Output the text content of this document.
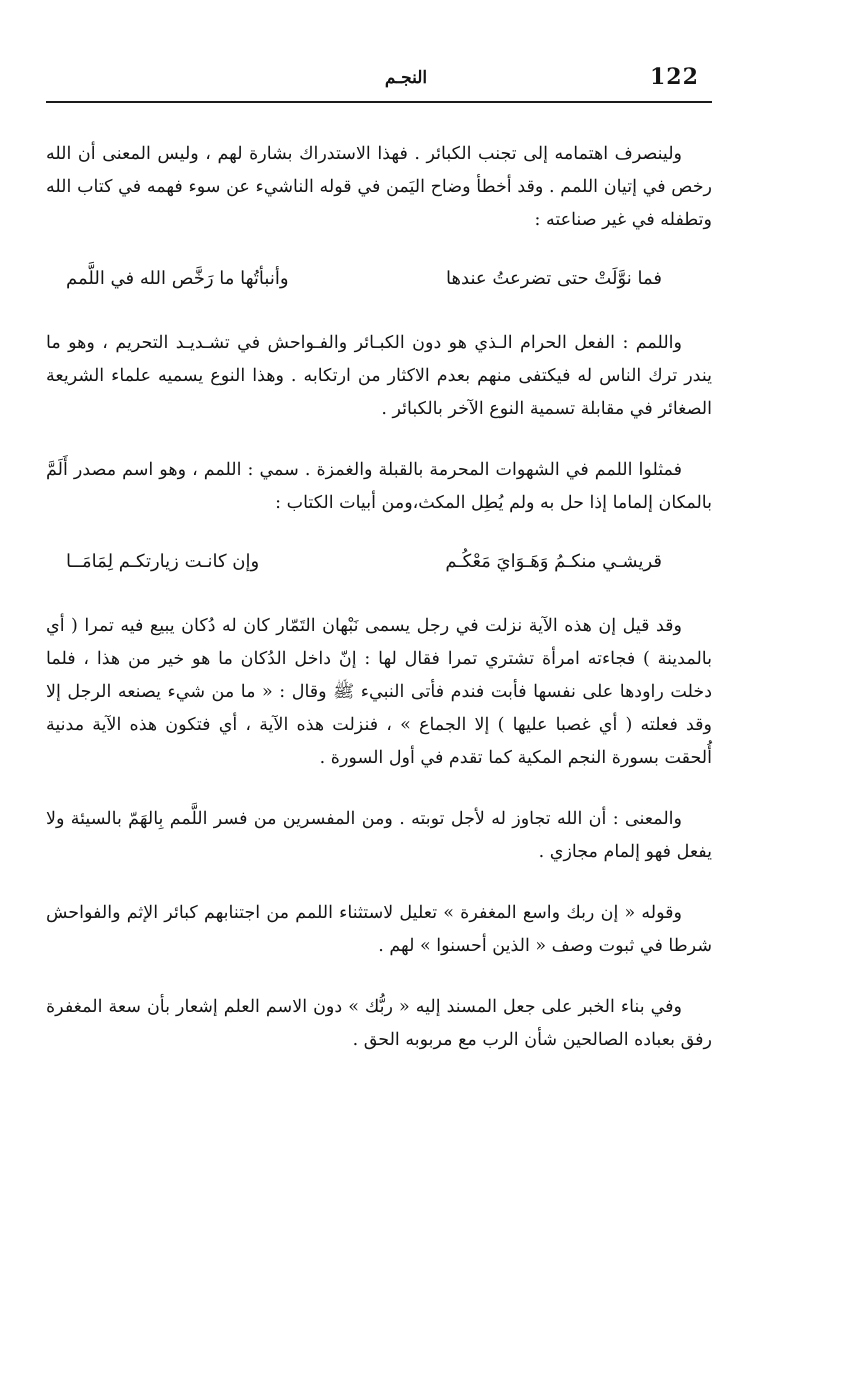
122
النجـم

ولينصرف اهتمامه إلى تجنب الكبائر . فهذا الاستدراك بشارة لهم ، وليس المعنى أن الله رخص في إتيان اللمم . وقد أخطأ وضاح اليَمن في قوله الناشيء عن سوء فهمه في كتاب الله وتطفله في غير صناعته :

فما نوَّلَتْ حتى تضرعتُ عندها
وأنبأتُها ما رَخَّص الله في اللَّمم

واللمم : الفعل الحرام الـذي هو دون الكبـائر والفـواحش في تشـديـد التحريم ، وهو ما يندر ترك الناس له فيكتفى منهم بعدم الاكثار من ارتكابه . وهذا النوع يسميه علماء الشريعة الصغائر في مقابلة تسمية النوع الآخر بالكبائر .

فمثلوا اللمم في الشهوات المحرمة بالقبلة والغمزة . سمي : اللمم ، وهو اسم مصدر أَلَمَّ بالمكان إلماما إذا حل به ولم يُطِل المكث،ومن أبيات الكتاب :

قريشـي منكـمُ وَهَـوَايَ مَعْكُـم
وإن كانـت زيارتكـم لِمَامَــا

وقد قيل إن هذه الآية نزلت في رجل يسمى نَبْهان التَمّار كان له دُكان يبيع فيه تمرا ( أي بالمدينة ) فجاءته امرأة تشتري تمرا فقال لها : إنّ داخل الدُكان ما هو خير من هذا ، فلما دخلت راودها على نفسها فأبت فندم فأتى النبيء ﷺ وقال : « ما من شيء يصنعه الرجل إلا وقد فعلته ( أي غصبا عليها ) إلا الجماع » ، فنزلت هذه الآية ، أي فتكون هذه الآية مدنية أُلحقت بسورة النجم المكية كما تقدم في أول السورة .

والمعنى : أن الله تجاوز له لأجل توبته . ومن المفسرين من فسر اللَّمم بِالهَمّ بالسيئة ولا يفعل فهو إلمام مجازي .

وقوله « إن ربك واسع المغفرة » تعليل لاستثناء اللمم من اجتنابهم كبائر الإثم والفواحش شرطا في ثبوت وصف « الذين أحسنوا » لهم .

وفي بناء الخبر على جعل المسند إليه « ربُّك » دون الاسم العلم إشعار بأن سعة المغفرة رفق بعباده الصالحين شأن الرب مع مربوبه الحق .
